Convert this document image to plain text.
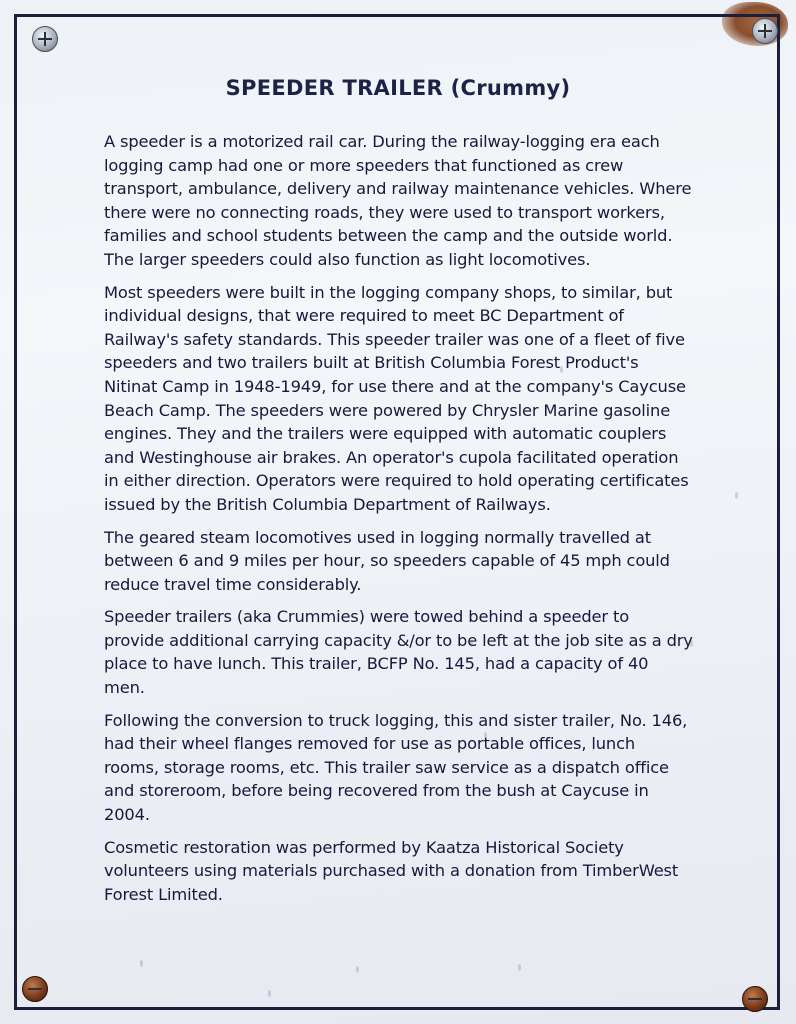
SPEEDER TRAILER (Crummy)

A speeder is a motorized rail car. During the railway-logging era each logging camp had one or more speeders that functioned as crew transport, ambulance, delivery and railway maintenance vehicles. Where there were no connecting roads, they were used to transport workers, families and school students between the camp and the outside world. The larger speeders could also function as light locomotives.

Most speeders were built in the logging company shops, to similar, but individual designs, that were required to meet BC Department of Railway's safety standards. This speeder trailer was one of a fleet of five speeders and two trailers built at British Columbia Forest Product's Nitinat Camp in 1948-1949, for use there and at the company's Caycuse Beach Camp. The speeders were powered by Chrysler Marine gasoline engines. They and the trailers were equipped with automatic couplers and Westinghouse air brakes. An operator's cupola facilitated operation in either direction. Operators were required to hold operating certificates issued by the British Columbia Department of Railways.

The geared steam locomotives used in logging normally travelled at between 6 and 9 miles per hour, so speeders capable of 45 mph could reduce travel time considerably.

Speeder trailers (aka Crummies) were towed behind a speeder to provide additional carrying capacity &/or to be left at the job site as a dry place to have lunch. This trailer, BCFP No. 145, had a capacity of 40 men.

Following the conversion to truck logging, this and sister trailer, No. 146, had their wheel flanges removed for use as portable offices, lunch rooms, storage rooms, etc. This trailer saw service as a dispatch office and storeroom, before being recovered from the bush at Caycuse in 2004.

Cosmetic restoration was performed by Kaatza Historical Society volunteers using materials purchased with a donation from TimberWest Forest Limited.
